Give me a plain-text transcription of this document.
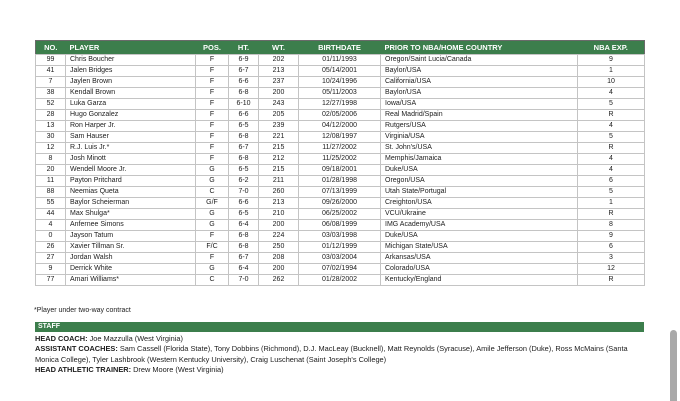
NO.	PLAYER	POS.	HT.	WT.	BIRTHDATE	PRIOR TO NBA/HOME COUNTRY	NBA EXP.
99	Chris Boucher	F	6-9	202	01/11/1993	Oregon/Saint Lucia/Canada	9
41	Jalen Bridges	F	6-7	213	05/14/2001	Baylor/USA	1
7	Jaylen Brown	F	6-6	237	10/24/1996	California/USA	10
38	Kendall Brown	F	6-8	200	05/11/2003	Baylor/USA	4
52	Luka Garza	F	6-10	243	12/27/1998	Iowa/USA	5
28	Hugo Gonzalez	F	6-6	205	02/05/2006	Real Madrid/Spain	R
13	Ron Harper Jr.	F	6-5	239	04/12/2000	Rutgers/USA	4
30	Sam Hauser	F	6-8	221	12/08/1997	Virginia/USA	5
12	R.J. Luis Jr.*	F	6-7	215	11/27/2002	St. John's/USA	R
8	Josh Minott	F	6-8	212	11/25/2002	Memphis/Jamaica	4
20	Wendell Moore Jr.	G	6-5	215	09/18/2001	Duke/USA	4
11	Payton Pritchard	G	6-2	211	01/28/1998	Oregon/USA	6
88	Neemias Queta	C	7-0	260	07/13/1999	Utah State/Portugal	5
55	Baylor Scheierman	G/F	6-6	213	09/26/2000	Creighton/USA	1
44	Max Shulga*	G	6-5	210	06/25/2002	VCU/Ukraine	R
4	Anfernee Simons	G	6-4	200	06/08/1999	IMG Academy/USA	8
0	Jayson Tatum	F	6-8	224	03/03/1998	Duke/USA	9
26	Xavier Tillman Sr.	F/C	6-8	250	01/12/1999	Michigan State/USA	6
27	Jordan Walsh	F	6-7	208	03/03/2004	Arkansas/USA	3
9	Derrick White	G	6-4	200	07/02/1994	Colorado/USA	12
77	Amari Williams*	C	7-0	262	01/28/2002	Kentucky/England	R
*Player under two-way contract
STAFF
HEAD COACH: Joe Mazzulla (West Virginia)
ASSISTANT COACHES: Sam Cassell (Florida State), Tony Dobbins (Richmond), D.J. MacLeay (Bucknell), Matt Reynolds (Syracuse), Amile Jefferson (Duke), Ross McMains (Santa Monica College), Tyler Lashbrook (Western Kentucky University), Craig Luschenat (Saint Joseph's College)
HEAD ATHLETIC TRAINER: Drew Moore (West Virginia)
